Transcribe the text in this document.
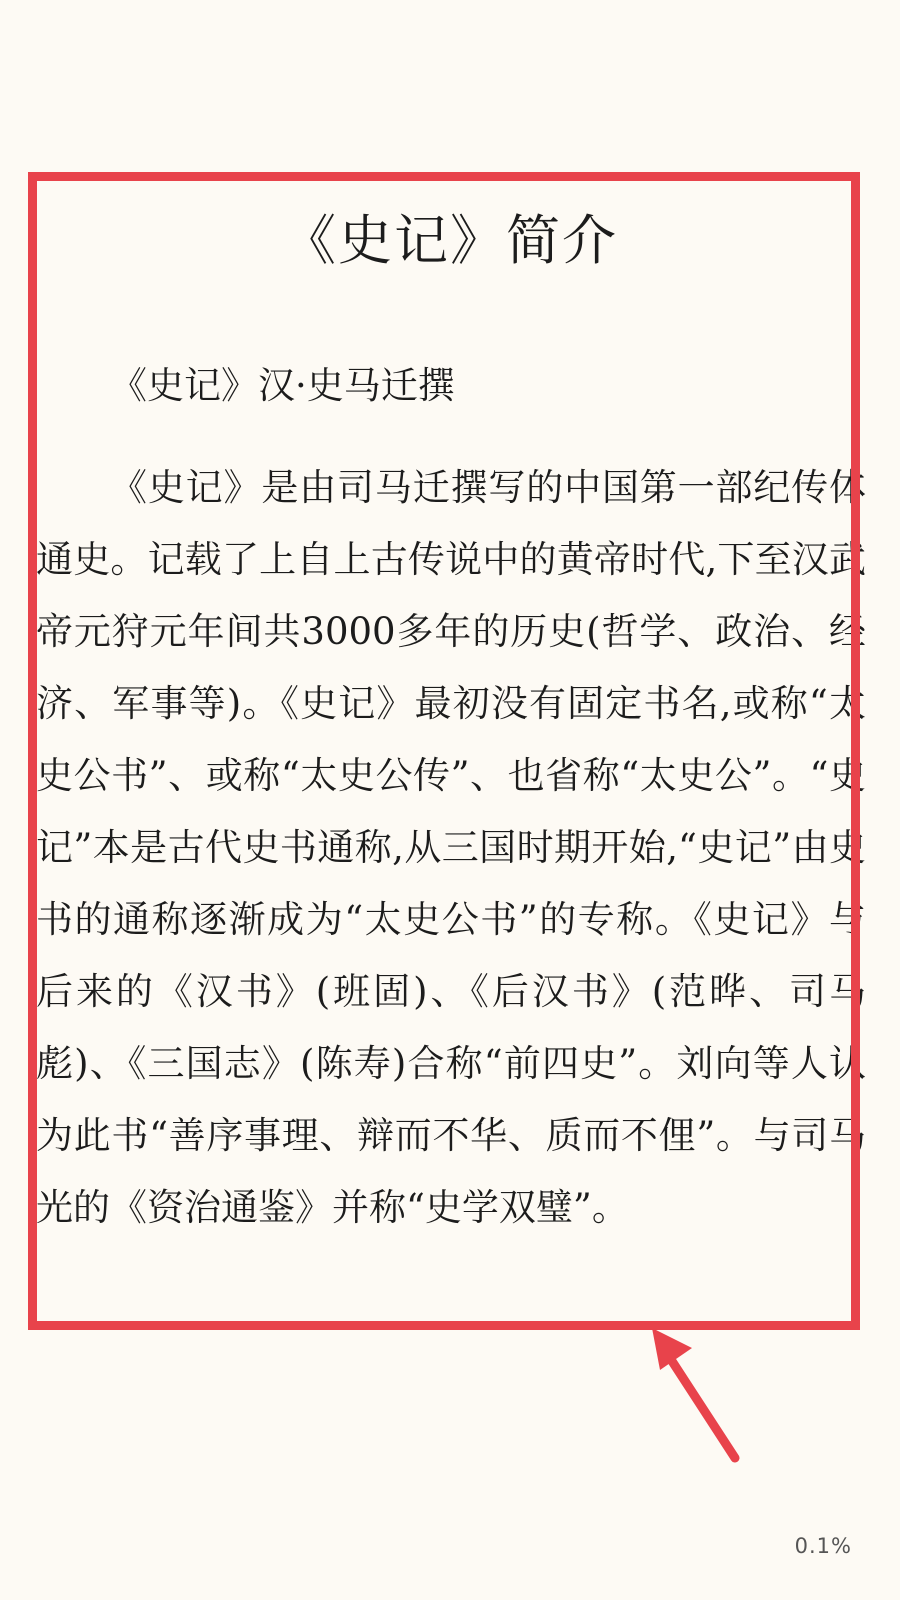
《史记》简介

《史记》汉·史马迁撰

《史记》是由司马迁撰写的中国第一部纪传体通史。记载了上自上古传说中的黄帝时代,下至汉武帝元狩元年间共3000多年的历史(哲学、政治、经济、军事等)。《史记》最初没有固定书名,或称“太史公书”、或称“太史公传”、也省称“太史公”。“史记”本是古代史书通称,从三国时期开始,“史记”由史书的通称逐渐成为“太史公书”的专称。《史记》与后来的《汉书》(班固)、《后汉书》(范晔、司马彪)、《三国志》(陈寿)合称“前四史”。刘向等人认为此书“善序事理、辩而不华、质而不俚”。与司马光的《资治通鉴》并称“史学双璧”。

0.1%
